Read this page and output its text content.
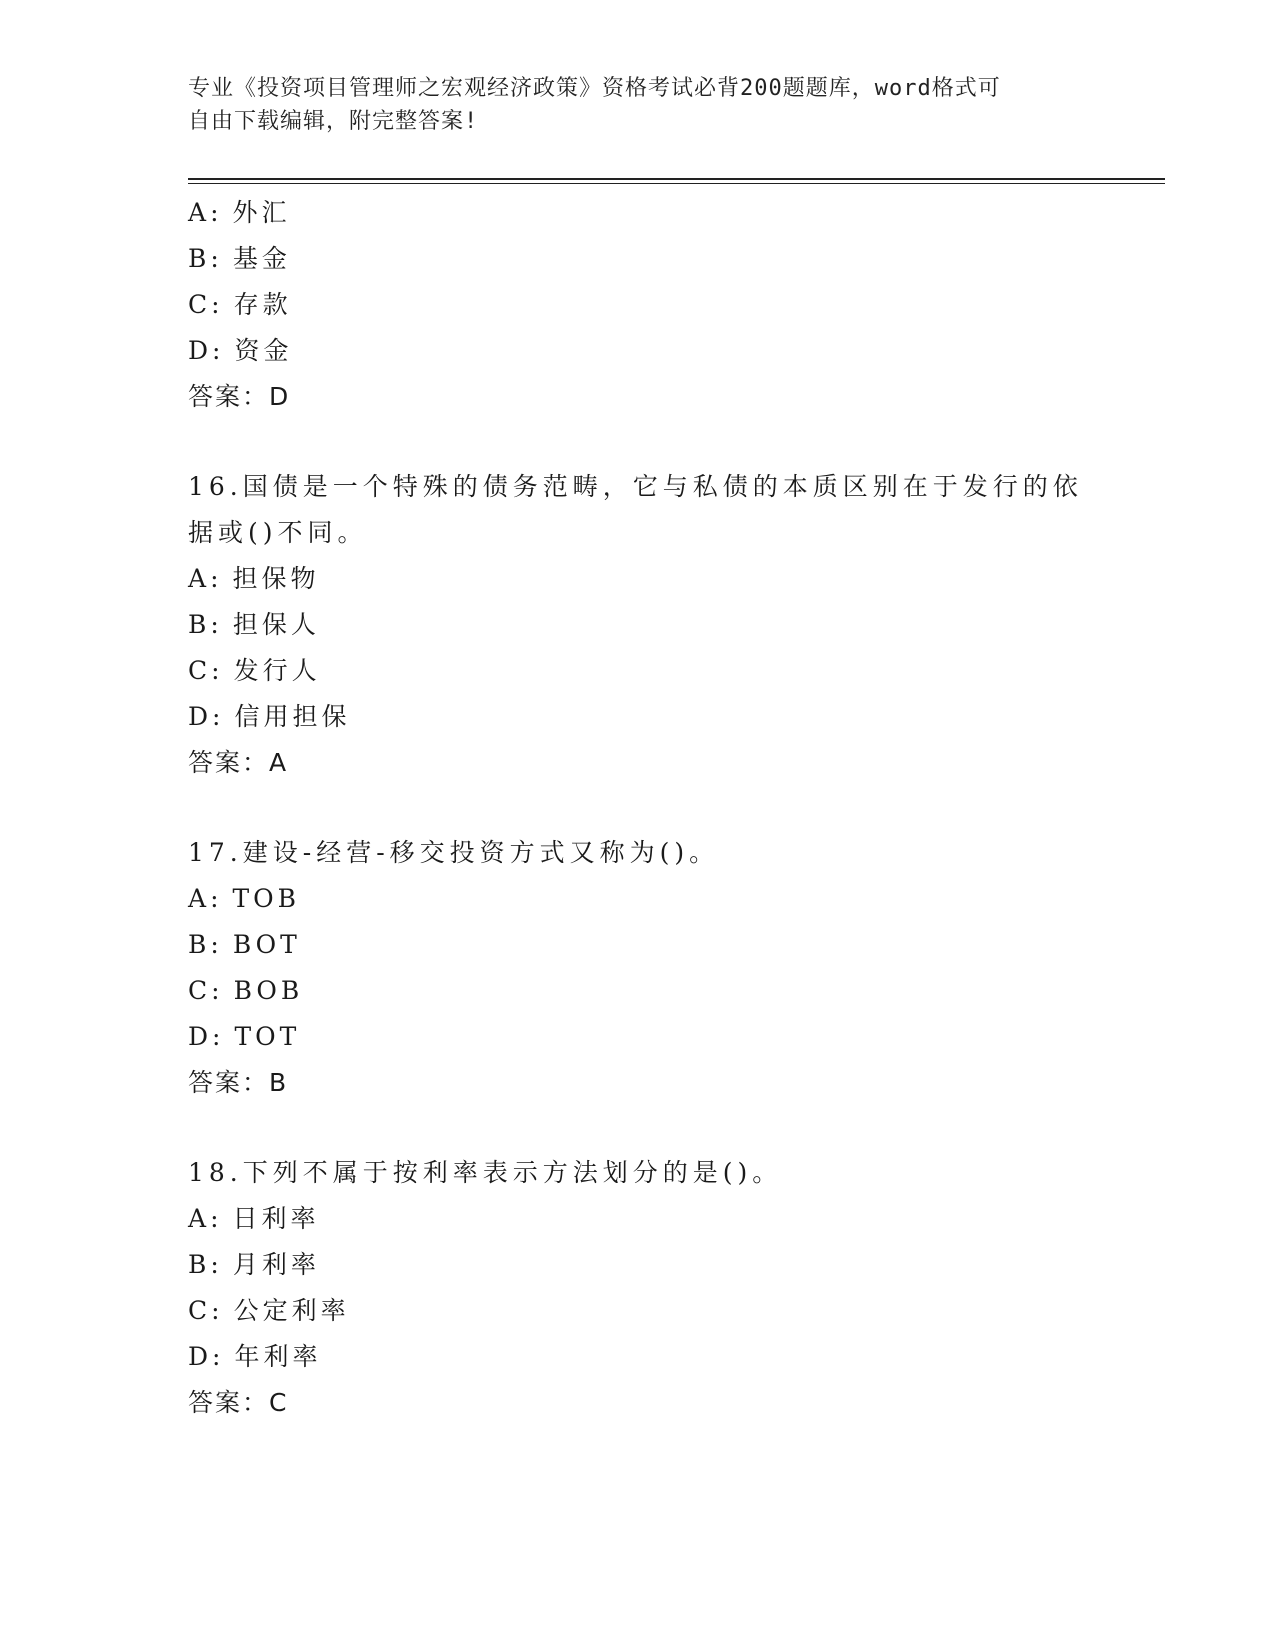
专业《投资项目管理师之宏观经济政策》资格考试必背200题题库，word格式可
自由下载编辑，附完整答案!
A: 外汇
B: 基金
C: 存款
D: 资金
答案：D
16.国债是一个特殊的债务范畴，它与私债的本质区别在于发行的依据或()不同。
A: 担保物
B: 担保人
C: 发行人
D: 信用担保
答案：A
17.建设-经营-移交投资方式又称为()。
A: TOB
B: BOT
C: BOB
D: TOT
答案：B
18.下列不属于按利率表示方法划分的是()。
A: 日利率
B: 月利率
C: 公定利率
D: 年利率
答案：C
